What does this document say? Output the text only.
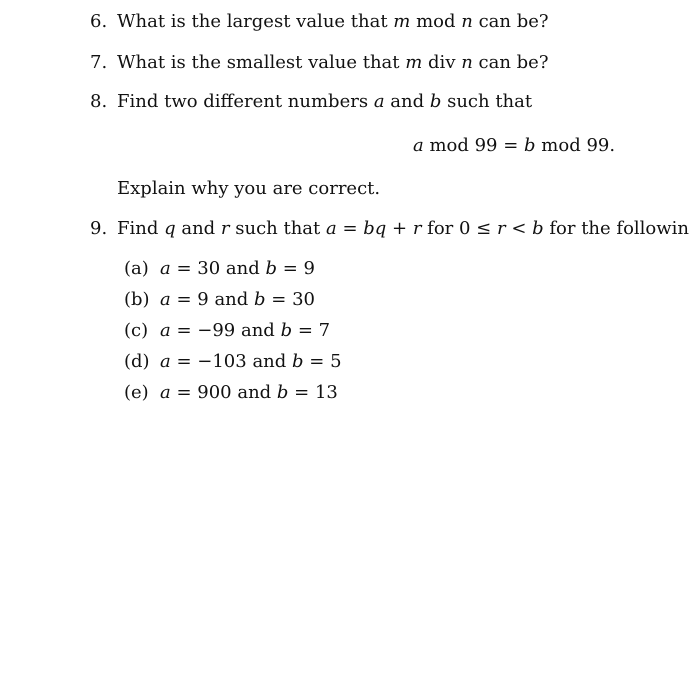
6. What is the largest value that m mod n can be?
7. What is the smallest value that m div n can be?
8. Find two different numbers a and b such that
a mod 99 = b mod 99.
Explain why you are correct.
9. Find q and r such that a = bq + r for 0 ≤ r < b for the followin
(a) a = 30 and b = 9
(b) a = 9 and b = 30
(c) a = −99 and b = 7
(d) a = −103 and b = 5
(e) a = 900 and b = 13
